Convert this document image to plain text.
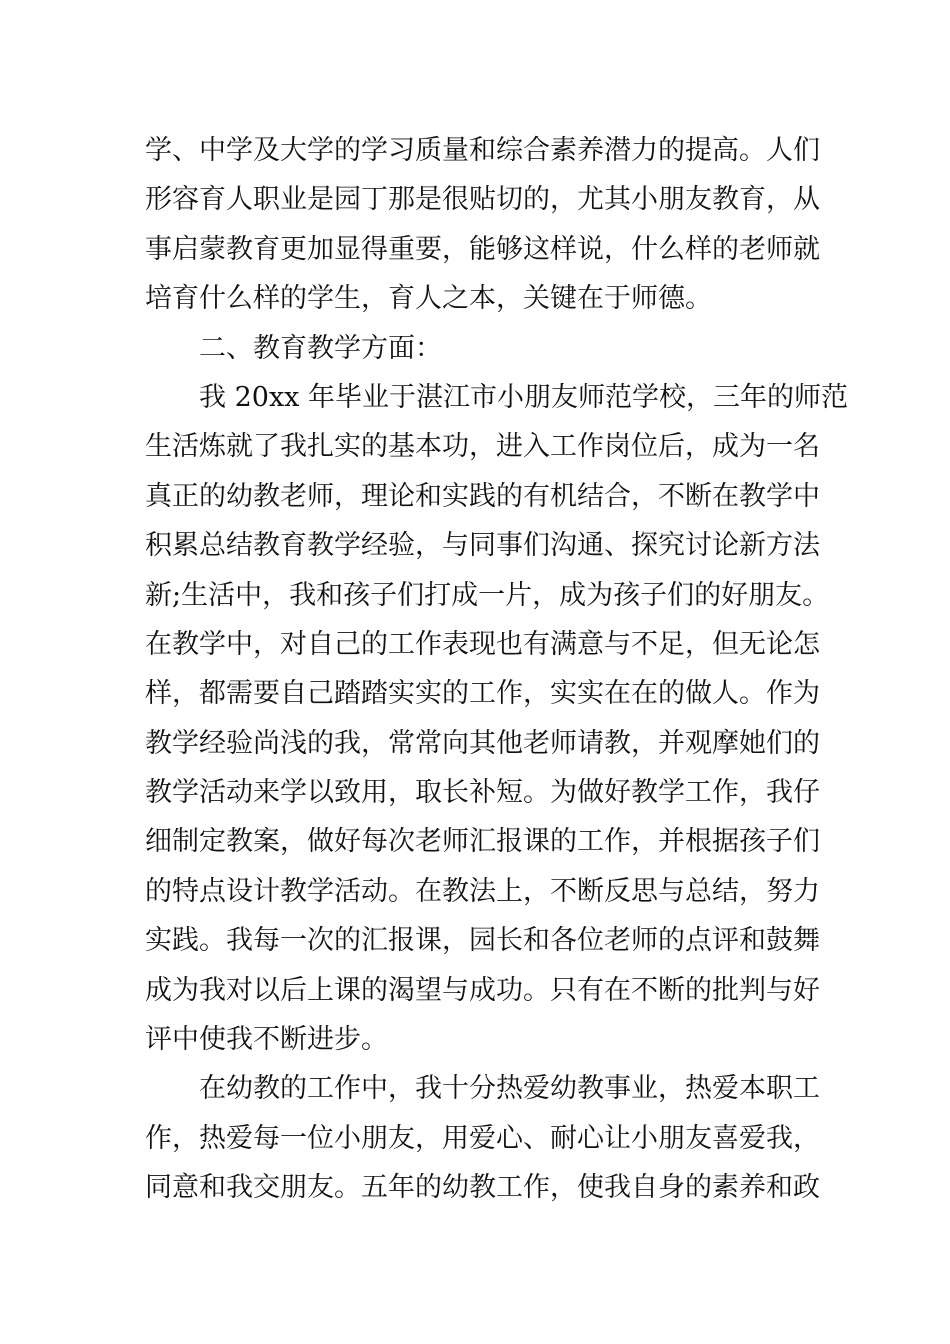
学、中学及大学的学习质量和综合素养潜力的提高。人们
形容育人职业是园丁那是很贴切的，尤其小朋友教育，从
事启蒙教育更加显得重要，能够这样说，什么样的老师就
培育什么样的学生，育人之本，关键在于师德。
二、教育教学方面：
我 20xx 年毕业于湛江市小朋友师范学校，三年的师范
生活炼就了我扎实的基本功，进入工作岗位后，成为一名
真正的幼教老师，理论和实践的有机结合，不断在教学中
积累总结教育教学经验，与同事们沟通、探究讨论新方法
新;生活中，我和孩子们打成一片，成为孩子们的好朋友。
在教学中，对自己的工作表现也有满意与不足，但无论怎
样，都需要自己踏踏实实的工作，实实在在的做人。作为
教学经验尚浅的我，常常向其他老师请教，并观摩她们的
教学活动来学以致用，取长补短。为做好教学工作，我仔
细制定教案，做好每次老师汇报课的工作，并根据孩子们
的特点设计教学活动。在教法上，不断反思与总结，努力
实践。我每一次的汇报课，园长和各位老师的点评和鼓舞
成为我对以后上课的渴望与成功。只有在不断的批判与好
评中使我不断进步。
在幼教的工作中，我十分热爱幼教事业，热爱本职工
作，热爱每一位小朋友，用爱心、耐心让小朋友喜爱我，
同意和我交朋友。五年的幼教工作，使我自身的素养和政
